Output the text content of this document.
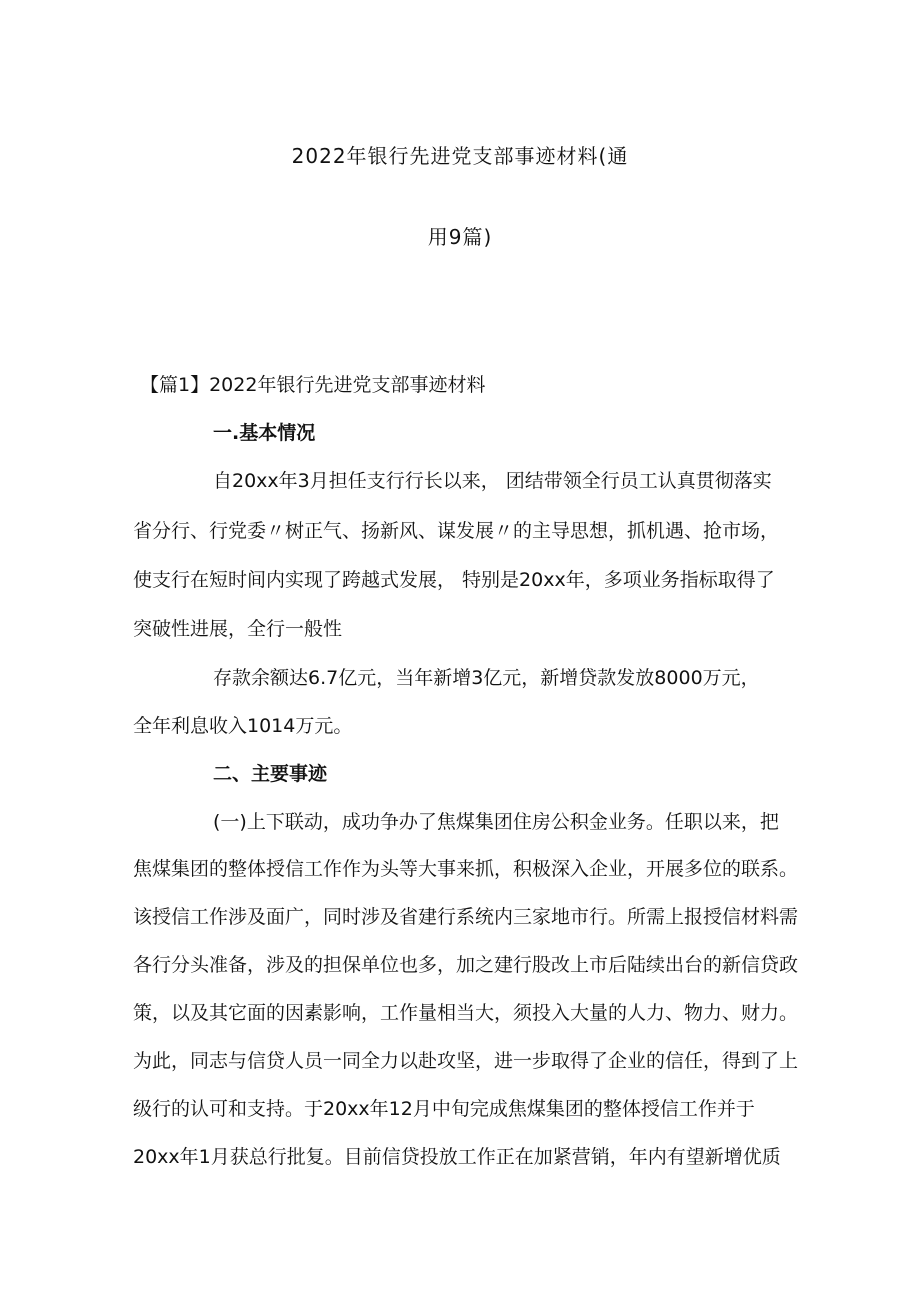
2022年银行先进党支部事迹材料(通
用9篇)

【篇1】2022年银行先进党支部事迹材料

一.基本情况

自20xx年3月担任支行行长以来， 团结带领全行员工认真贯彻落实

省分行、行党委〃树正气、扬新风、谋发展〃的主导思想，抓机遇、抢市场，

使支行在短时间内实现了跨越式发展， 特别是20xx年，多项业务指标取得了

突破性进展，全行一般性

存款余额达6.7亿元，当年新增3亿元，新增贷款发放8000万元，

全年利息收入1014万元。

二、主要事迹

(一)上下联动，成功争办了焦煤集团住房公积金业务。任职以来，把

焦煤集团的整体授信工作作为头等大事来抓，积极深入企业，开展多位的联系。

该授信工作涉及面广，同时涉及省建行系统内三家地市行。所需上报授信材料需

各行分头准备，涉及的担保单位也多，加之建行股改上市后陆续出台的新信贷政

策，以及其它面的因素影响，工作量相当大，须投入大量的人力、物力、财力。

为此，同志与信贷人员一同全力以赴攻坚，进一步取得了企业的信任，得到了上

级行的认可和支持。于20xx年12月中旬完成焦煤集团的整体授信工作并于

20xx年1月获总行批复。目前信贷投放工作正在加紧营销，年内有望新增优质
